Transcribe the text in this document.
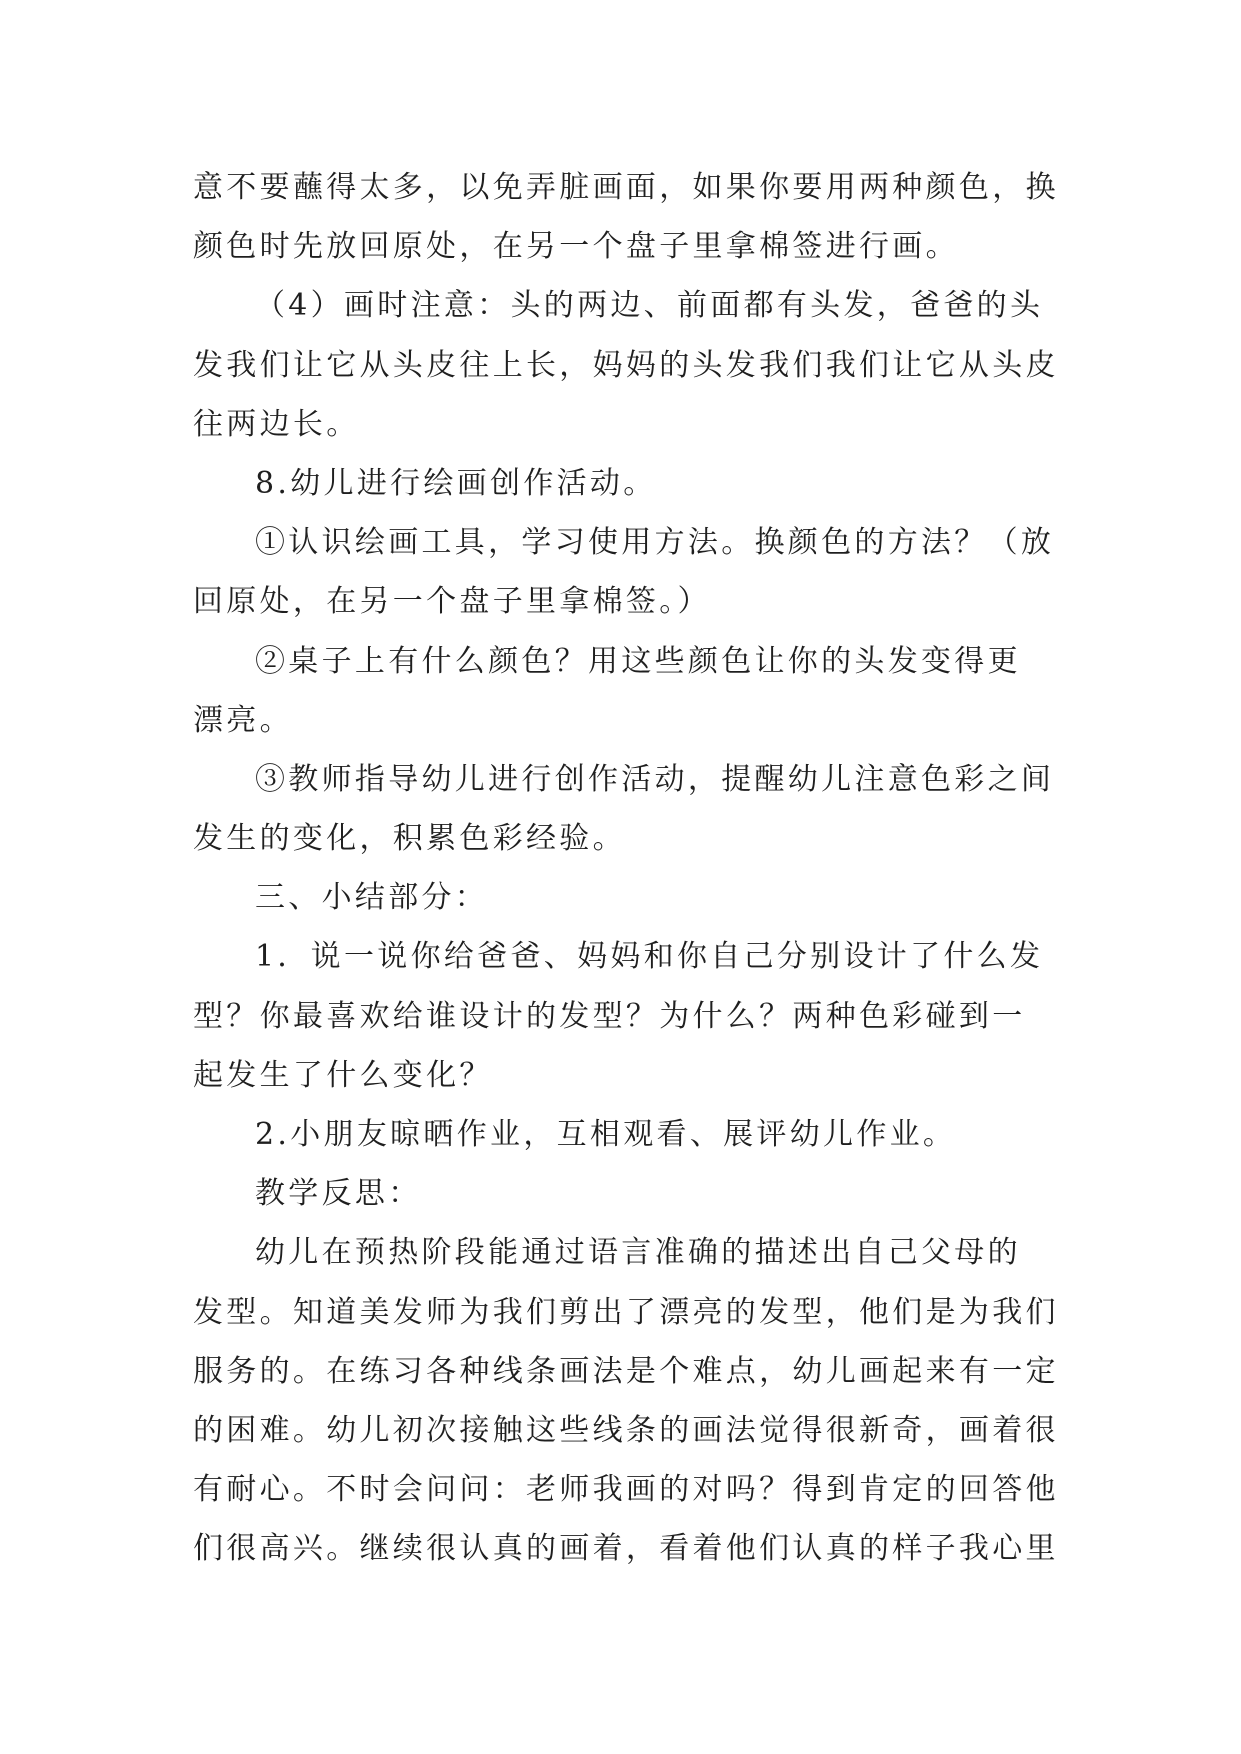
意不要蘸得太多，以免弄脏画面，如果你要用两种颜色，换
颜色时先放回原处，在另一个盘子里拿棉签进行画。
（4）画时注意：头的两边、前面都有头发，爸爸的头
发我们让它从头皮往上长，妈妈的头发我们我们让它从头皮
往两边长。
8.幼儿进行绘画创作活动。
①认识绘画工具，学习使用方法。换颜色的方法？（放
回原处，在另一个盘子里拿棉签。）
②桌子上有什么颜色？用这些颜色让你的头发变得更
漂亮。
③教师指导幼儿进行创作活动，提醒幼儿注意色彩之间
发生的变化，积累色彩经验。
三、小结部分：
1．说一说你给爸爸、妈妈和你自己分别设计了什么发
型？你最喜欢给谁设计的发型？为什么？两种色彩碰到一
起发生了什么变化？
2.小朋友晾晒作业，互相观看、展评幼儿作业。
教学反思：
幼儿在预热阶段能通过语言准确的描述出自己父母的
发型。知道美发师为我们剪出了漂亮的发型，他们是为我们
服务的。在练习各种线条画法是个难点，幼儿画起来有一定
的困难。幼儿初次接触这些线条的画法觉得很新奇，画着很
有耐心。不时会问问：老师我画的对吗？得到肯定的回答他
们很高兴。继续很认真的画着，看着他们认真的样子我心里
